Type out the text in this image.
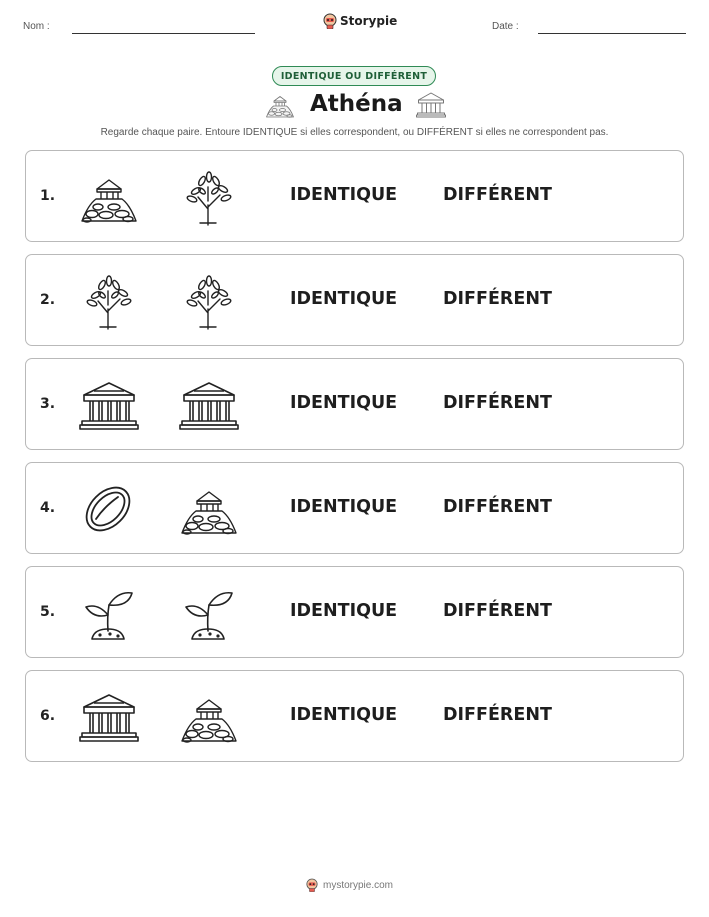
Nom :	Storypie	Date :
IDENTIQUE OU DIFFÉRENT
Athéna
Regarde chaque paire. Entoure IDENTIQUE si elles correspondent, ou DIFFÉRENT si elles ne correspondent pas.
1.	IDENTIQUE	DIFFÉRENT
2.	IDENTIQUE	DIFFÉRENT
3.	IDENTIQUE	DIFFÉRENT
4.	IDENTIQUE	DIFFÉRENT
5.	IDENTIQUE	DIFFÉRENT
6.	IDENTIQUE	DIFFÉRENT
mystorypie.com
